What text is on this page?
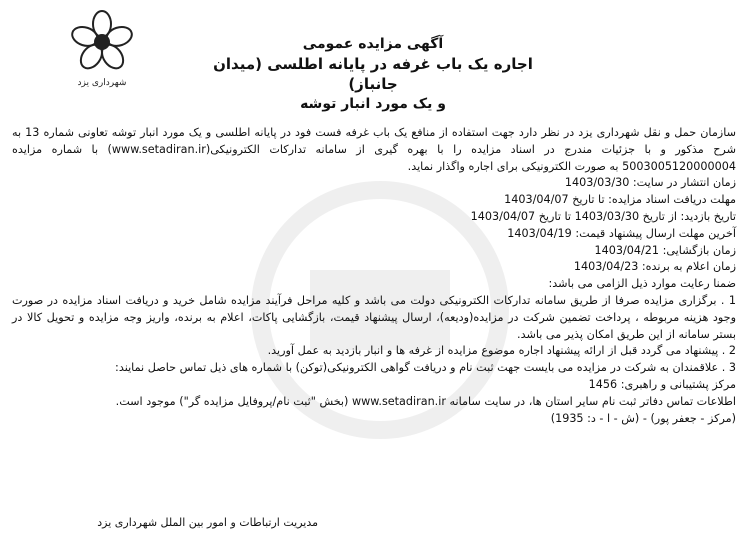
شهرداری یزد
آگهی مزایده عمومی
اجاره یک باب غرفه در پایانه اطلسی (میدان جانباز)
و یک مورد انبار توشه

سازمان حمل و نقل شهرداری یزد در نظر دارد جهت استفاده از منافع یک باب غرفه فست فود در پایانه اطلسی و یک مورد انبار توشه تعاونی شماره 13 به شرح مذکور و با جزئیات مندرج در اسناد مزایده را با بهره گیری از سامانه تدارکات الکترونیکی(www.setadiran.ir) با شماره مزایده 5003005120000004 به صورت الکترونیکی برای اجاره واگذار نماید.

زمان انتشار در سایت: 1403/03/30

مهلت دریافت اسناد مزایده: تا تاریخ 1403/04/07

تاریخ بازدید: از تاریخ 1403/03/30 تا تاریخ 1403/04/07

آخرین مهلت ارسال پیشنهاد قیمت: 1403/04/19

زمان بازگشایی: 1403/04/21

زمان اعلام به برنده: 1403/04/23

ضمنا رعایت موارد ذیل الزامی می باشد:

1 . برگزاری مزایده صرفا از طریق سامانه تدارکات الکترونیکی دولت می باشد و کلیه مراحل فرآیند مزایده شامل خرید و دریافت اسناد مزایده در صورت وجود هزینه مربوطه ، پرداخت تضمین شرکت در مزایده(ودیعه)، ارسال پیشنهاد قیمت، بازگشایی پاکات، اعلام به برنده، واریز وجه مزایده و تحویل کالا در بستر سامانه از این طریق امکان پذیر می باشد.

2 . پیشنهاد می گردد قبل از ارائه پیشنهاد اجاره موضوع مزایده از غرفه ها و انبار بازدید به عمل آورید.

3 . علاقمندان به شرکت در مزایده می بایست جهت ثبت نام و دریافت گواهی الکترونیکی(توکن) با شماره های ذیل تماس حاصل نمایند:

مرکز پشتیبانی و راهبری: 1456

اطلاعات تماس دفاتر ثبت نام سایر استان ها، در سایت سامانه www.setadiran.ir (بخش "ثبت نام/پروفایل مزایده گر") موجود است.

(مرکز - جعفر پور) - (ش - ا - د: 1935)

مدیریت ارتباطات و امور بین الملل شهرداری یزد
